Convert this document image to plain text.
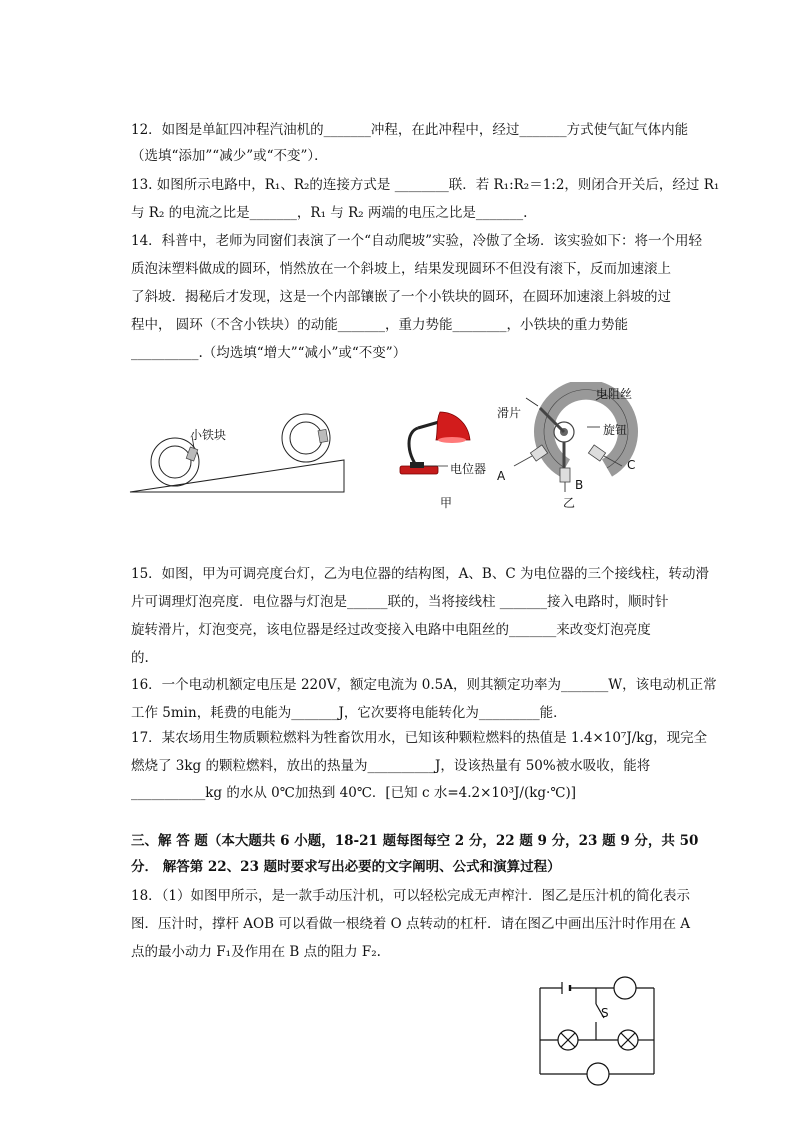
12．如图是单缸四冲程汽油机的_______冲程，在此冲程中，经过_______方式使气缸气体内能
（选填“添加”“减少”或“不变”）．
13. 如图所示电路中，R₁、R₂的连接方式是 ________联．若 R₁:R₂＝1:2，则闭合开关后，经过 R₁
与 R₂ 的电流之比是_______，R₁ 与 R₂ 两端的电压之比是_______.
14．科普中，老师为同窗们表演了一个“自动爬坡”实验，冷傲了全场．该实验如下：将一个用轻
质泡沫塑料做成的圆环，悄然放在一个斜坡上，结果发现圆环不但没有滚下，反而加速滚上
了斜坡．揭秘后才发现，这是一个内部镶嵌了一个小铁块的圆环，在圆环加速滚上斜坡的过
程中， 圆环（不含小铁块）的动能_______，重力势能________，小铁块的重力势能
__________.（均选填“增大”“减小”或“不变”）
小铁块
电位器
甲
电阻丝
滑片
旋钮
A
B
C
乙
15．如图，甲为可调亮度台灯，乙为电位器的结构图，A、B、C 为电位器的三个接线柱，转动滑
片可调理灯泡亮度．电位器与灯泡是______联的，当将接线柱 _______接入电路时，顺时针
旋转滑片，灯泡变亮，该电位器是经过改变接入电路中电阻丝的_______来改变灯泡亮度
的.
16．一个电动机额定电压是 220V，额定电流为 0.5A，则其额定功率为_______W，该电动机正常
工作 5min，耗费的电能为_______J，它次要将电能转化为_________能．
17．某农场用生物质颗粒燃料为牲畜饮用水，已知该种颗粒燃料的热值是 1.4×10⁷J/kg，现完全
燃烧了 3kg 的颗粒燃料，放出的热量为__________J，设该热量有 50%被水吸收，能将
___________kg 的水从 0℃加热到 40℃．[已知 c 水=4.2×10³J/(kg·℃)]
三、解 答 题（本大题共 6 小题，18-21 题每图每空 2 分，22 题 9 分，23 题 9 分，共 50
分． 解答第 22、23 题时要求写出必要的文字阐明、公式和演算过程）
18．（1）如图甲所示，是一款手动压汁机，可以轻松完成无声榨汁．图乙是压汁机的简化表示
图．压汁时，撑杆 AOB 可以看做一根绕着 O 点转动的杠杆．请在图乙中画出压汁时作用在 A
点的最小动力 F₁及作用在 B 点的阻力 F₂.
S
